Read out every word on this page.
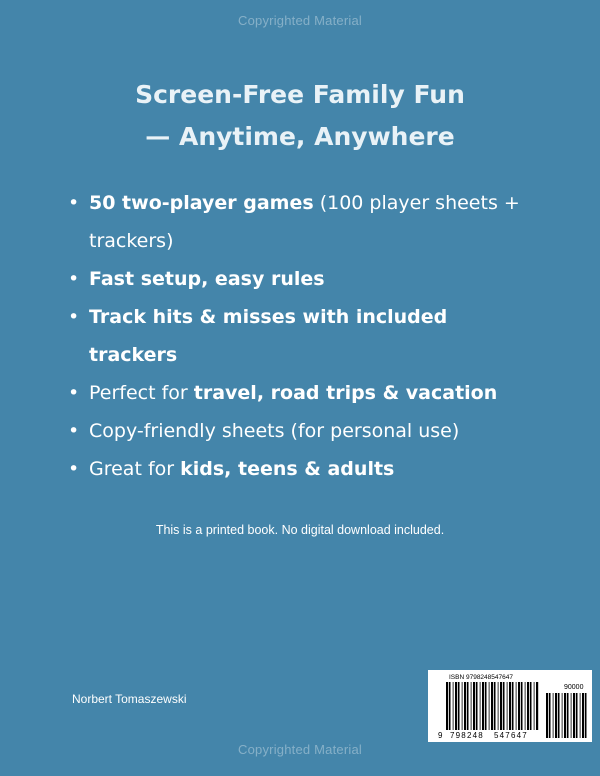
Copyrighted Material
Screen-Free Family Fun
— Anytime, Anywhere
• 50 two-player games (100 player sheets + trackers)
• Fast setup, easy rules
• Track hits & misses with included trackers
• Perfect for travel, road trips & vacation
• Copy-friendly sheets (for personal use)
• Great for kids, teens & adults
This is a printed book. No digital download included.
Norbert Tomaszewski
ISBN 9798248547647
90000
9 798248 547647
Copyrighted Material
